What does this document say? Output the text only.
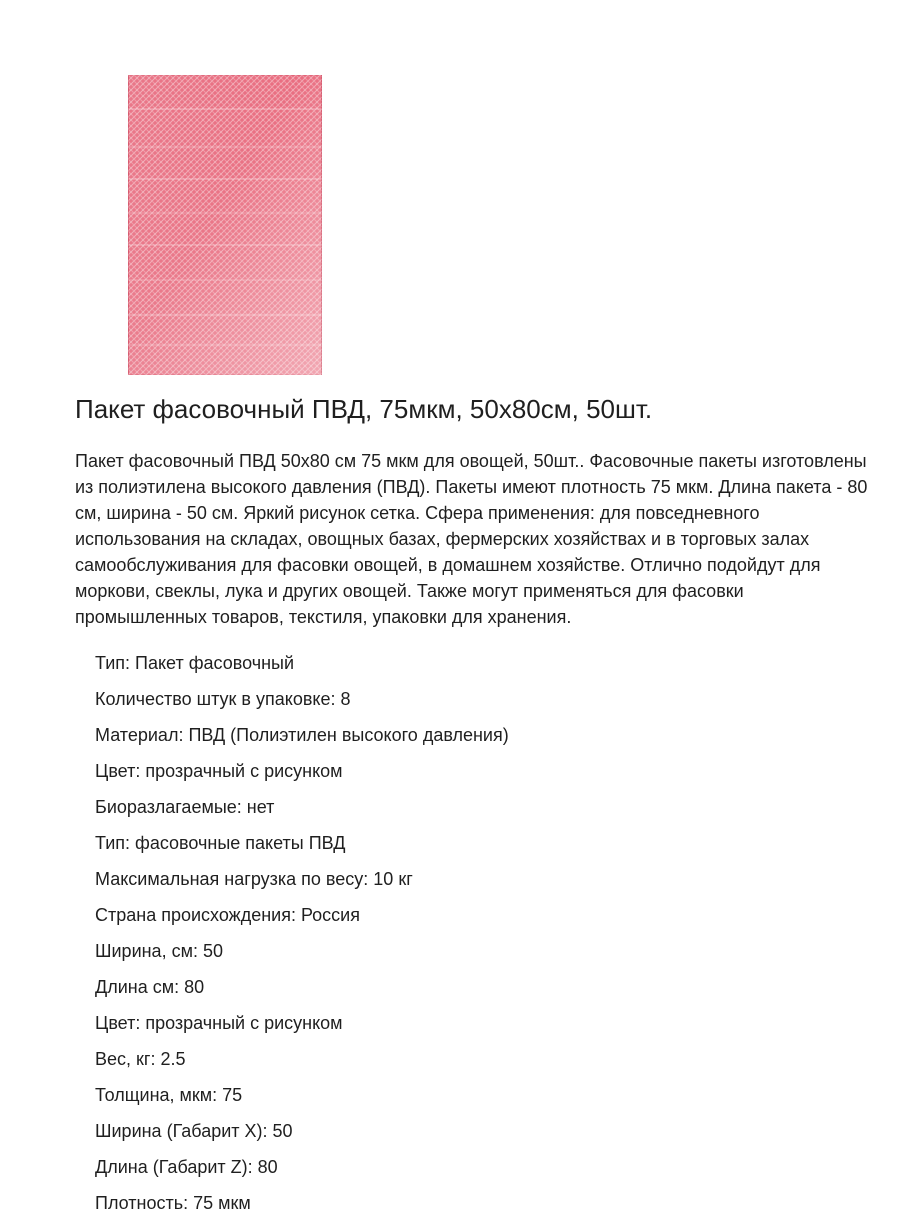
Пакет фасовочный ПВД, 75мкм, 50х80см, 50шт.

Пакет фасовочный ПВД 50х80 см 75 мкм для овощей, 50шт.. Фасовочные пакеты изготовлены из полиэтилена высокого давления (ПВД). Пакеты имеют плотность 75 мкм. Длина пакета - 80 см, ширина - 50 см. Яркий рисунок сетка. Сфера применения: для повседневного использования на складах, овощных базах, фермерских хозяйствах и в торговых залах самообслуживания для фасовки овощей, в домашнем хозяйстве. Отлично подойдут для моркови, свеклы, лука и других овощей. Также могут применяться для фасовки промышленных товаров, текстиля, упаковки для хранения.

Тип: Пакет фасовочный
Количество штук в упаковке: 8
Материал: ПВД (Полиэтилен высокого давления)
Цвет: прозрачный с рисунком
Биоразлагаемые: нет
Тип: фасовочные пакеты ПВД
Максимальная нагрузка по весу: 10 кг
Страна происхождения: Россия
Ширина, см: 50
Длина см: 80
Цвет: прозрачный с рисунком
Вес, кг: 2.5
Толщина, мкм: 75
Ширина (Габарит X): 50
Длина (Габарит Z): 80
Плотность: 75 мкм
